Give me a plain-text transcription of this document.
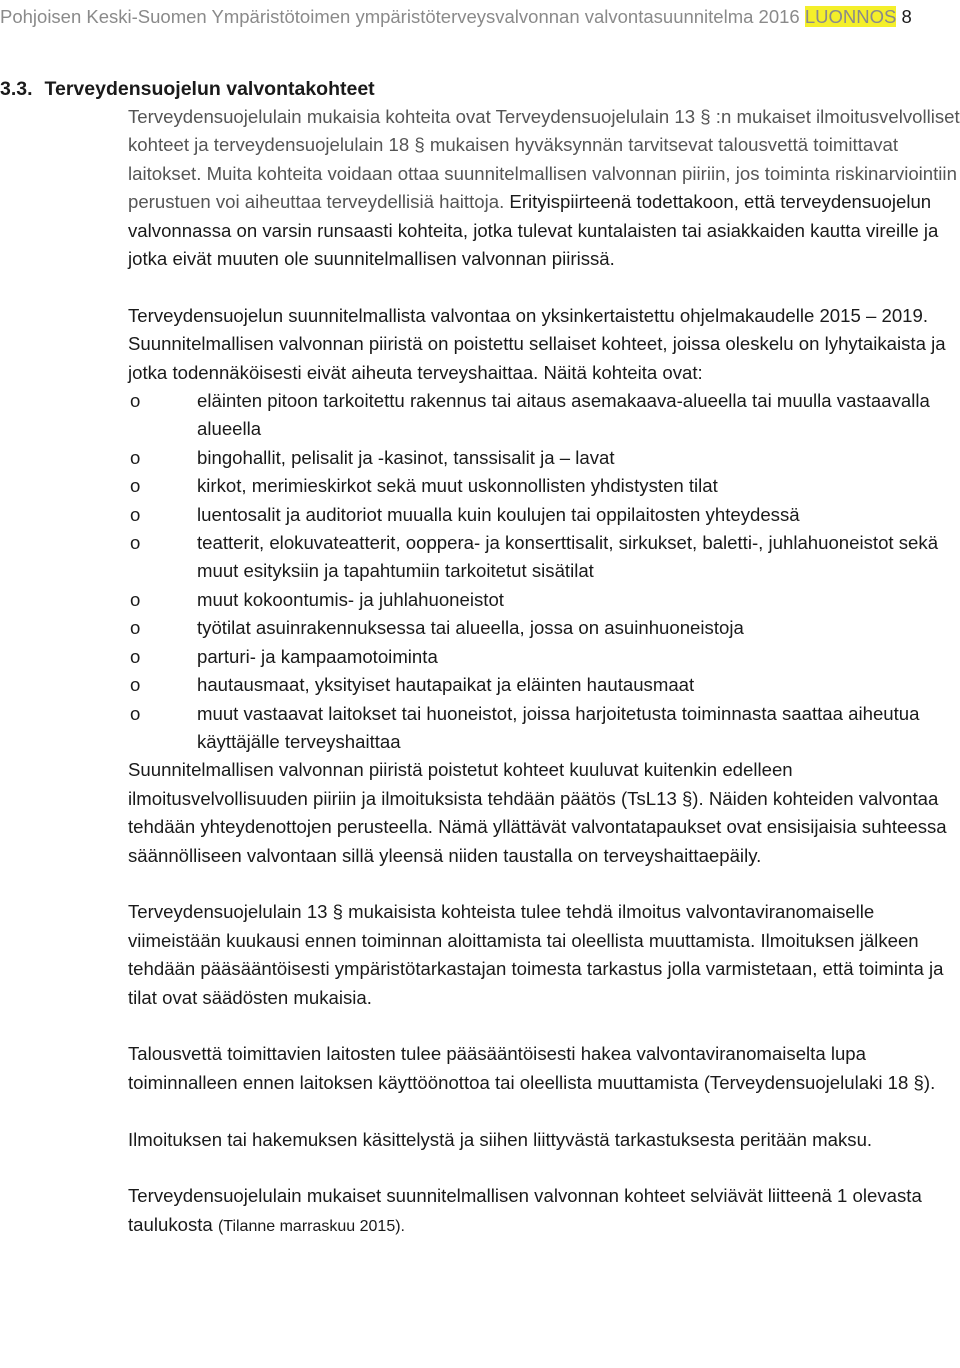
Pohjoisen Keski-Suomen Ympäristötoimen ympäristöterveysvalvonnan valvontasuunnitelma 2016 LUONNOS 8
3.3. Terveydensuojelun valvontakohteet

Terveydensuojelulain mukaisia kohteita ovat Terveydensuojelulain 13 § :n mukaiset ilmoitusvelvolliset kohteet ja terveydensuojelulain 18 § mukaisen hyväksynnän tarvitsevat talousvettä toimittavat laitokset. Muita kohteita voidaan ottaa suunnitelmallisen valvonnan piiriin, jos toiminta riskinarviointiin perustuen voi aiheuttaa terveydellisiä haittoja. Erityispiirteenä todettakoon, että terveydensuojelun valvonnassa on varsin runsaasti kohteita, jotka tulevat kuntalaisten tai asiakkaiden kautta vireille ja jotka eivät muuten ole suunnitelmallisen valvonnan piirissä.

Terveydensuojelun suunnitelmallista valvontaa on yksinkertaistettu ohjelmakaudelle 2015 – 2019. Suunnitelmallisen valvonnan piiristä on poistettu sellaiset kohteet, joissa oleskelu on lyhytaikaista ja jotka todennäköisesti eivät aiheuta terveyshaittaa. Näitä kohteita ovat:

o	eläinten pitoon tarkoitettu rakennus tai aitaus asemakaava-alueella tai muulla vastaavalla alueella
o	bingohallit, pelisalit ja -kasinot, tanssisalit ja – lavat
o	kirkot, merimieskirkot sekä muut uskonnollisten yhdistysten tilat
o	luentosalit ja auditoriot muualla kuin koulujen tai oppilaitosten yhteydessä
o	teatterit, elokuvateatterit, ooppera- ja konserttisalit, sirkukset, baletti-, juhlahuoneistot sekä muut esityksiin ja tapahtumiin tarkoitetut sisätilat
o	muut kokoontumis- ja juhlahuoneistot
o	työtilat asuinrakennuksessa tai alueella, jossa on asuinhuoneistoja
o	parturi- ja kampaamotoiminta
o	hautausmaat, yksityiset hautapaikat ja eläinten hautausmaat
o	muut vastaavat laitokset tai huoneistot, joissa harjoitetusta toiminnasta saattaa aiheutua käyttäjälle terveyshaittaa

Suunnitelmallisen valvonnan piiristä poistetut kohteet kuuluvat kuitenkin edelleen ilmoitusvelvollisuuden piiriin ja ilmoituksista tehdään päätös (TsL13 §). Näiden kohteiden valvontaa tehdään yhteydenottojen perusteella. Nämä yllättävät valvontatapaukset ovat ensisijaisia suhteessa säännölliseen valvontaan sillä yleensä niiden taustalla on terveyshaittaepäily.

Terveydensuojelulain 13 § mukaisista kohteista tulee tehdä ilmoitus valvontaviranomaiselle viimeistään kuukausi ennen toiminnan aloittamista tai oleellista muuttamista. Ilmoituksen jälkeen tehdään pääsääntöisesti ympäristötarkastajan toimesta tarkastus jolla varmistetaan, että toiminta ja tilat ovat säädösten mukaisia.

Talousvettä toimittavien laitosten tulee pääsääntöisesti hakea valvontaviranomaiselta lupa toiminnalleen ennen laitoksen käyttöönottoa tai oleellista muuttamista (Terveydensuojelulaki 18 §).

Ilmoituksen tai hakemuksen käsittelystä ja siihen liittyvästä tarkastuksesta peritään maksu.

Terveydensuojelulain mukaiset suunnitelmallisen valvonnan kohteet selviävät liitteenä 1 olevasta taulukosta (Tilanne marraskuu 2015).
